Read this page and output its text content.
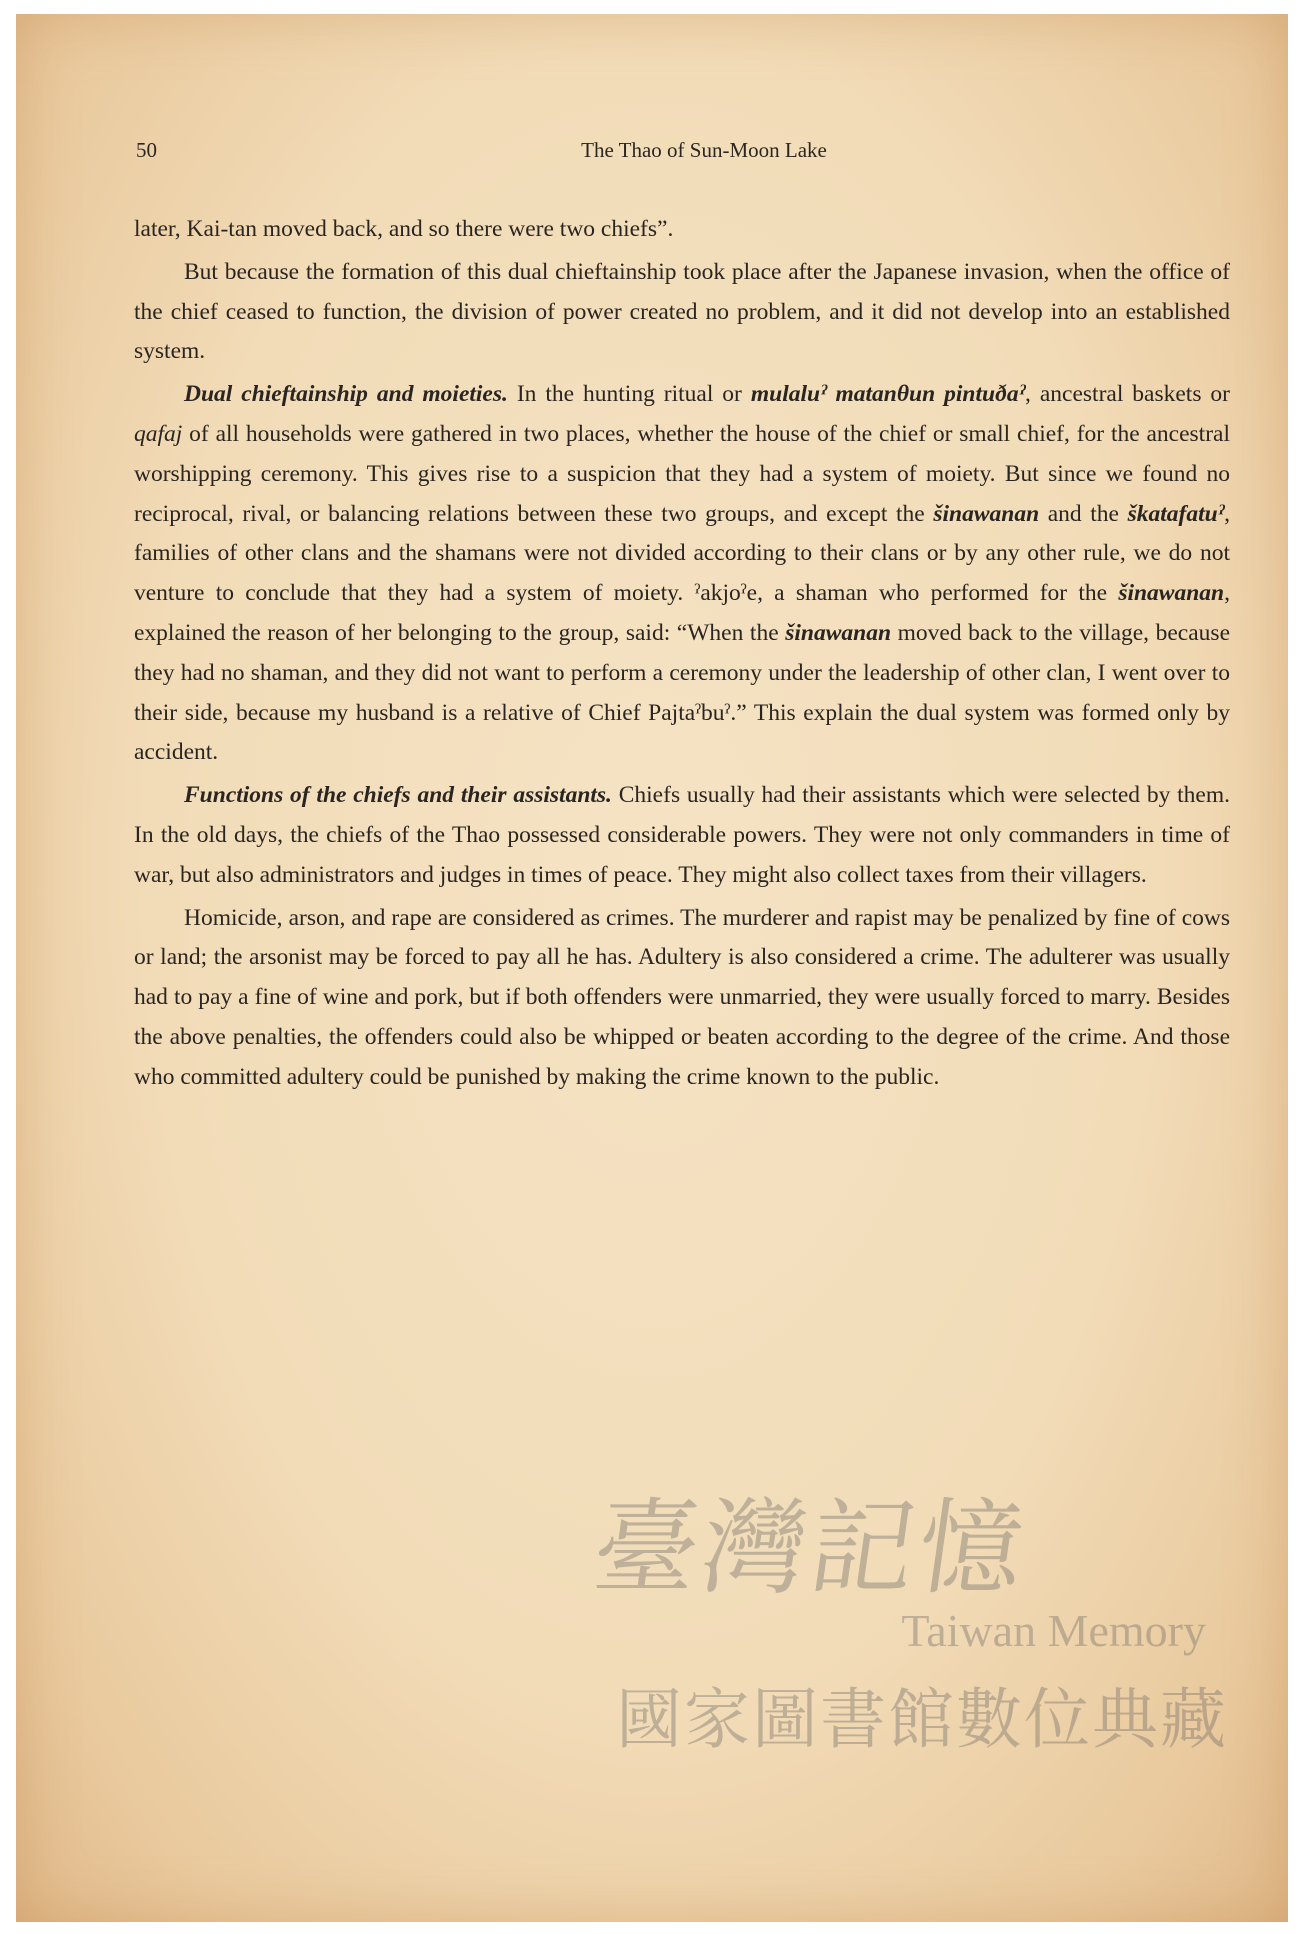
50	The Thao of Sun-Moon Lake

later, Kai-tan moved back, and so there were two chiefs”.

But because the formation of this dual chieftainship took place after the Japanese invasion, when the office of the chief ceased to function, the division of power created no problem, and it did not develop into an established system.

Dual chieftainship and moieties. In the hunting ritual or mulaluˀ matanθun pintuðaˀ, ancestral baskets or qafaj of all households were gathered in two places, whether the house of the chief or small chief, for the ancestral worshipping ceremony. This gives rise to a suspicion that they had a system of moiety. But since we found no reciprocal, rival, or balancing relations between these two groups, and except the šinawanan and the škatafatuˀ, families of other clans and the shamans were not divided according to their clans or by any other rule, we do not venture to conclude that they had a system of moiety. ˀakjoˀe, a shaman who performed for the šinawanan, explained the reason of her belonging to the group, said: “When the šinawanan moved back to the village, because they had no shaman, and they did not want to perform a ceremony under the leadership of other clan, I went over to their side, because my husband is a relative of Chief Pajtaˀbuˀ.” This explain the dual system was formed only by accident.

Functions of the chiefs and their assistants. Chiefs usually had their assistants which were selected by them. In the old days, the chiefs of the Thao possessed considerable powers. They were not only commanders in time of war, but also administrators and judges in times of peace. They might also collect taxes from their villagers.

Homicide, arson, and rape are considered as crimes. The murderer and rapist may be penalized by fine of cows or land; the arsonist may be forced to pay all he has. Adultery is also considered a crime. The adulterer was usually had to pay a fine of wine and pork, but if both offenders were unmarried, they were usually forced to marry. Besides the above penalties, the offenders could also be whipped or beaten according to the degree of the crime. And those who committed adultery could be punished by making the crime known to the public.

臺灣記憶
Taiwan Memory
國家圖書館數位典藏
